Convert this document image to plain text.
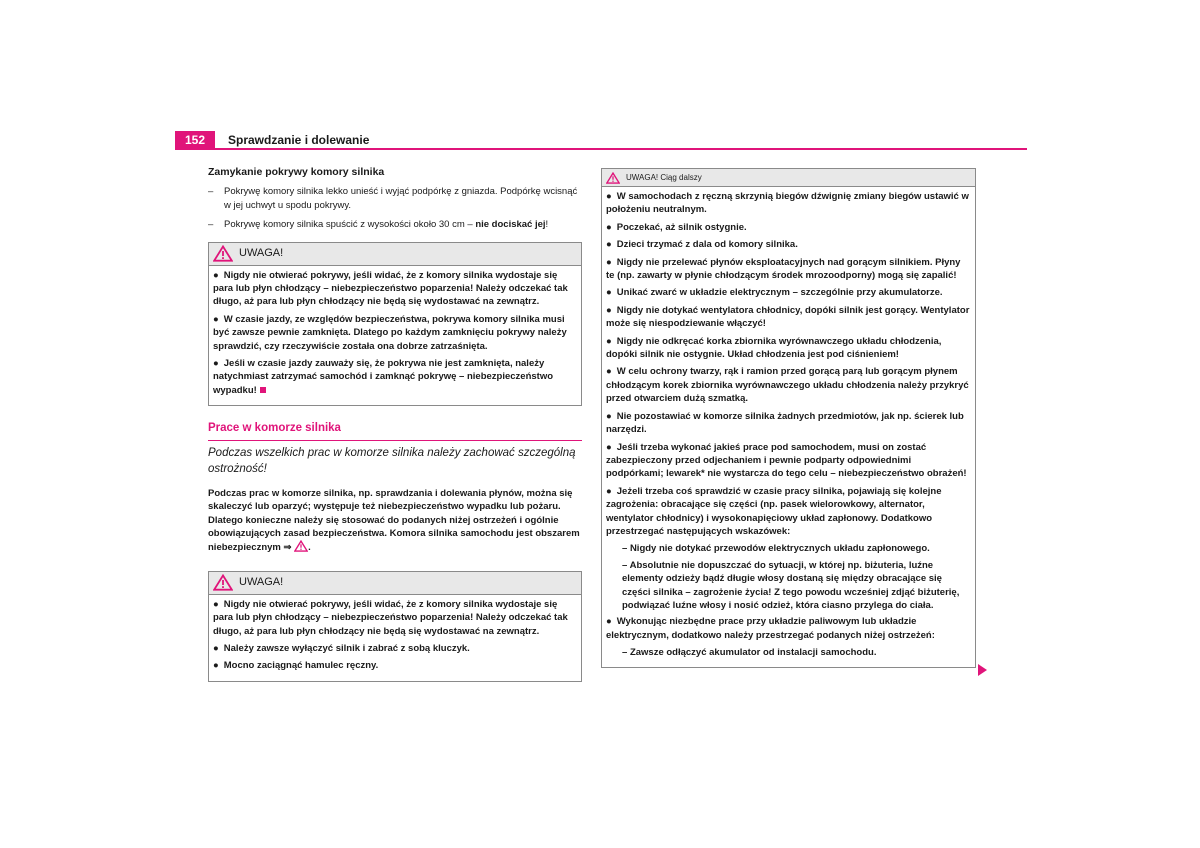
152	Sprawdzanie i dolewanie
Zamykanie pokrywy komory silnika
–	Pokrywę komory silnika lekko unieść i wyjąć podpórkę z gniazda. Podpórkę wcisnąć w jej uchwyt u spodu pokrywy.
–	Pokrywę komory silnika spuścić z wysokości około 30 cm – nie dociskać jej!
UWAGA!
● Nigdy nie otwierać pokrywy, jeśli widać, że z komory silnika wydostaje się para lub płyn chłodzący – niebezpieczeństwo poparzenia! Należy odczekać tak długo, aż para lub płyn chłodzący nie będą się wydostawać na zewnątrz.
● W czasie jazdy, ze względów bezpieczeństwa, pokrywa komory silnika musi być zawsze pewnie zamknięta. Dlatego po każdym zamknięciu pokrywy należy sprawdzić, czy rzeczywiście została ona dobrze zatrzaśnięta.
● Jeśli w czasie jazdy zauważy się, że pokrywa nie jest zamknięta, należy natychmiast zatrzymać samochód i zamknąć pokrywę – niebezpieczeństwo wypadku!
Prace w komorze silnika
Podczas wszelkich prac w komorze silnika należy zachować szczególną ostrożność!
Podczas prac w komorze silnika, np. sprawdzania i dolewania płynów, można się skaleczyć lub oparzyć; występuje też niebezpieczeństwo wypadku lub pożaru. Dlatego konieczne należy się stosować do podanych niżej ostrzeżeń i ogólnie obowiązujących zasad bezpieczeństwa. Komora silnika samochodu jest obszarem niebezpiecznym ⇒ .
UWAGA!
● Nigdy nie otwierać pokrywy, jeśli widać, że z komory silnika wydostaje się para lub płyn chłodzący – niebezpieczeństwo poparzenia! Należy odczekać tak długo, aż para lub płyn chłodzący nie będą się wydostawać na zewnątrz.
● Należy zawsze wyłączyć silnik i zabrać z sobą kluczyk.
● Mocno zaciągnąć hamulec ręczny.
UWAGA! Ciąg dalszy
● W samochodach z ręczną skrzynią biegów dźwignię zmiany biegów ustawić w położeniu neutralnym.
● Poczekać, aż silnik ostygnie.
● Dzieci trzymać z dala od komory silnika.
● Nigdy nie przelewać płynów eksploatacyjnych nad gorącym silnikiem. Płyny te (np. zawarty w płynie chłodzącym środek mrozoodporny) mogą się zapalić!
● Unikać zwarć w układzie elektrycznym – szczególnie przy akumulatorze.
● Nigdy nie dotykać wentylatora chłodnicy, dopóki silnik jest gorący. Wentylator może się niespodziewanie włączyć!
● Nigdy nie odkręcać korka zbiornika wyrównawczego układu chłodzenia, dopóki silnik nie ostygnie. Układ chłodzenia jest pod ciśnieniem!
● W celu ochrony twarzy, rąk i ramion przed gorącą parą lub gorącym płynem chłodzącym korek zbiornika wyrównawczego układu chłodzenia należy przykryć przed otwarciem dużą szmatką.
● Nie pozostawiać w komorze silnika żadnych przedmiotów, jak np. ścierek lub narzędzi.
● Jeśli trzeba wykonać jakieś prace pod samochodem, musi on zostać zabezpieczony przed odjechaniem i pewnie podparty odpowiednimi podpórkami; lewarek* nie wystarcza do tego celu – niebezpieczeństwo obrażeń!
● Jeżeli trzeba coś sprawdzić w czasie pracy silnika, pojawiają się kolejne zagrożenia: obracające się części (np. pasek wielorowkowy, alternator, wentylator chłodnicy) i wysokonapięciowy układ zapłonowy. Dodatkowo przestrzegać następujących wskazówek:
– Nigdy nie dotykać przewodów elektrycznych układu zapłonowego.
– Absolutnie nie dopuszczać do sytuacji, w której np. biżuteria, luźne elementy odzieży bądź długie włosy dostaną się między obracające się części silnika – zagrożenie życia! Z tego powodu wcześniej zdjąć biżuterię, podwiązać luźne włosy i nosić odzież, która ciasno przylega do ciała.
● Wykonując niezbędne prace przy układzie paliwowym lub układzie elektrycznym, dodatkowo należy przestrzegać podanych niżej ostrzeżeń:
– Zawsze odłączyć akumulator od instalacji samochodu.
